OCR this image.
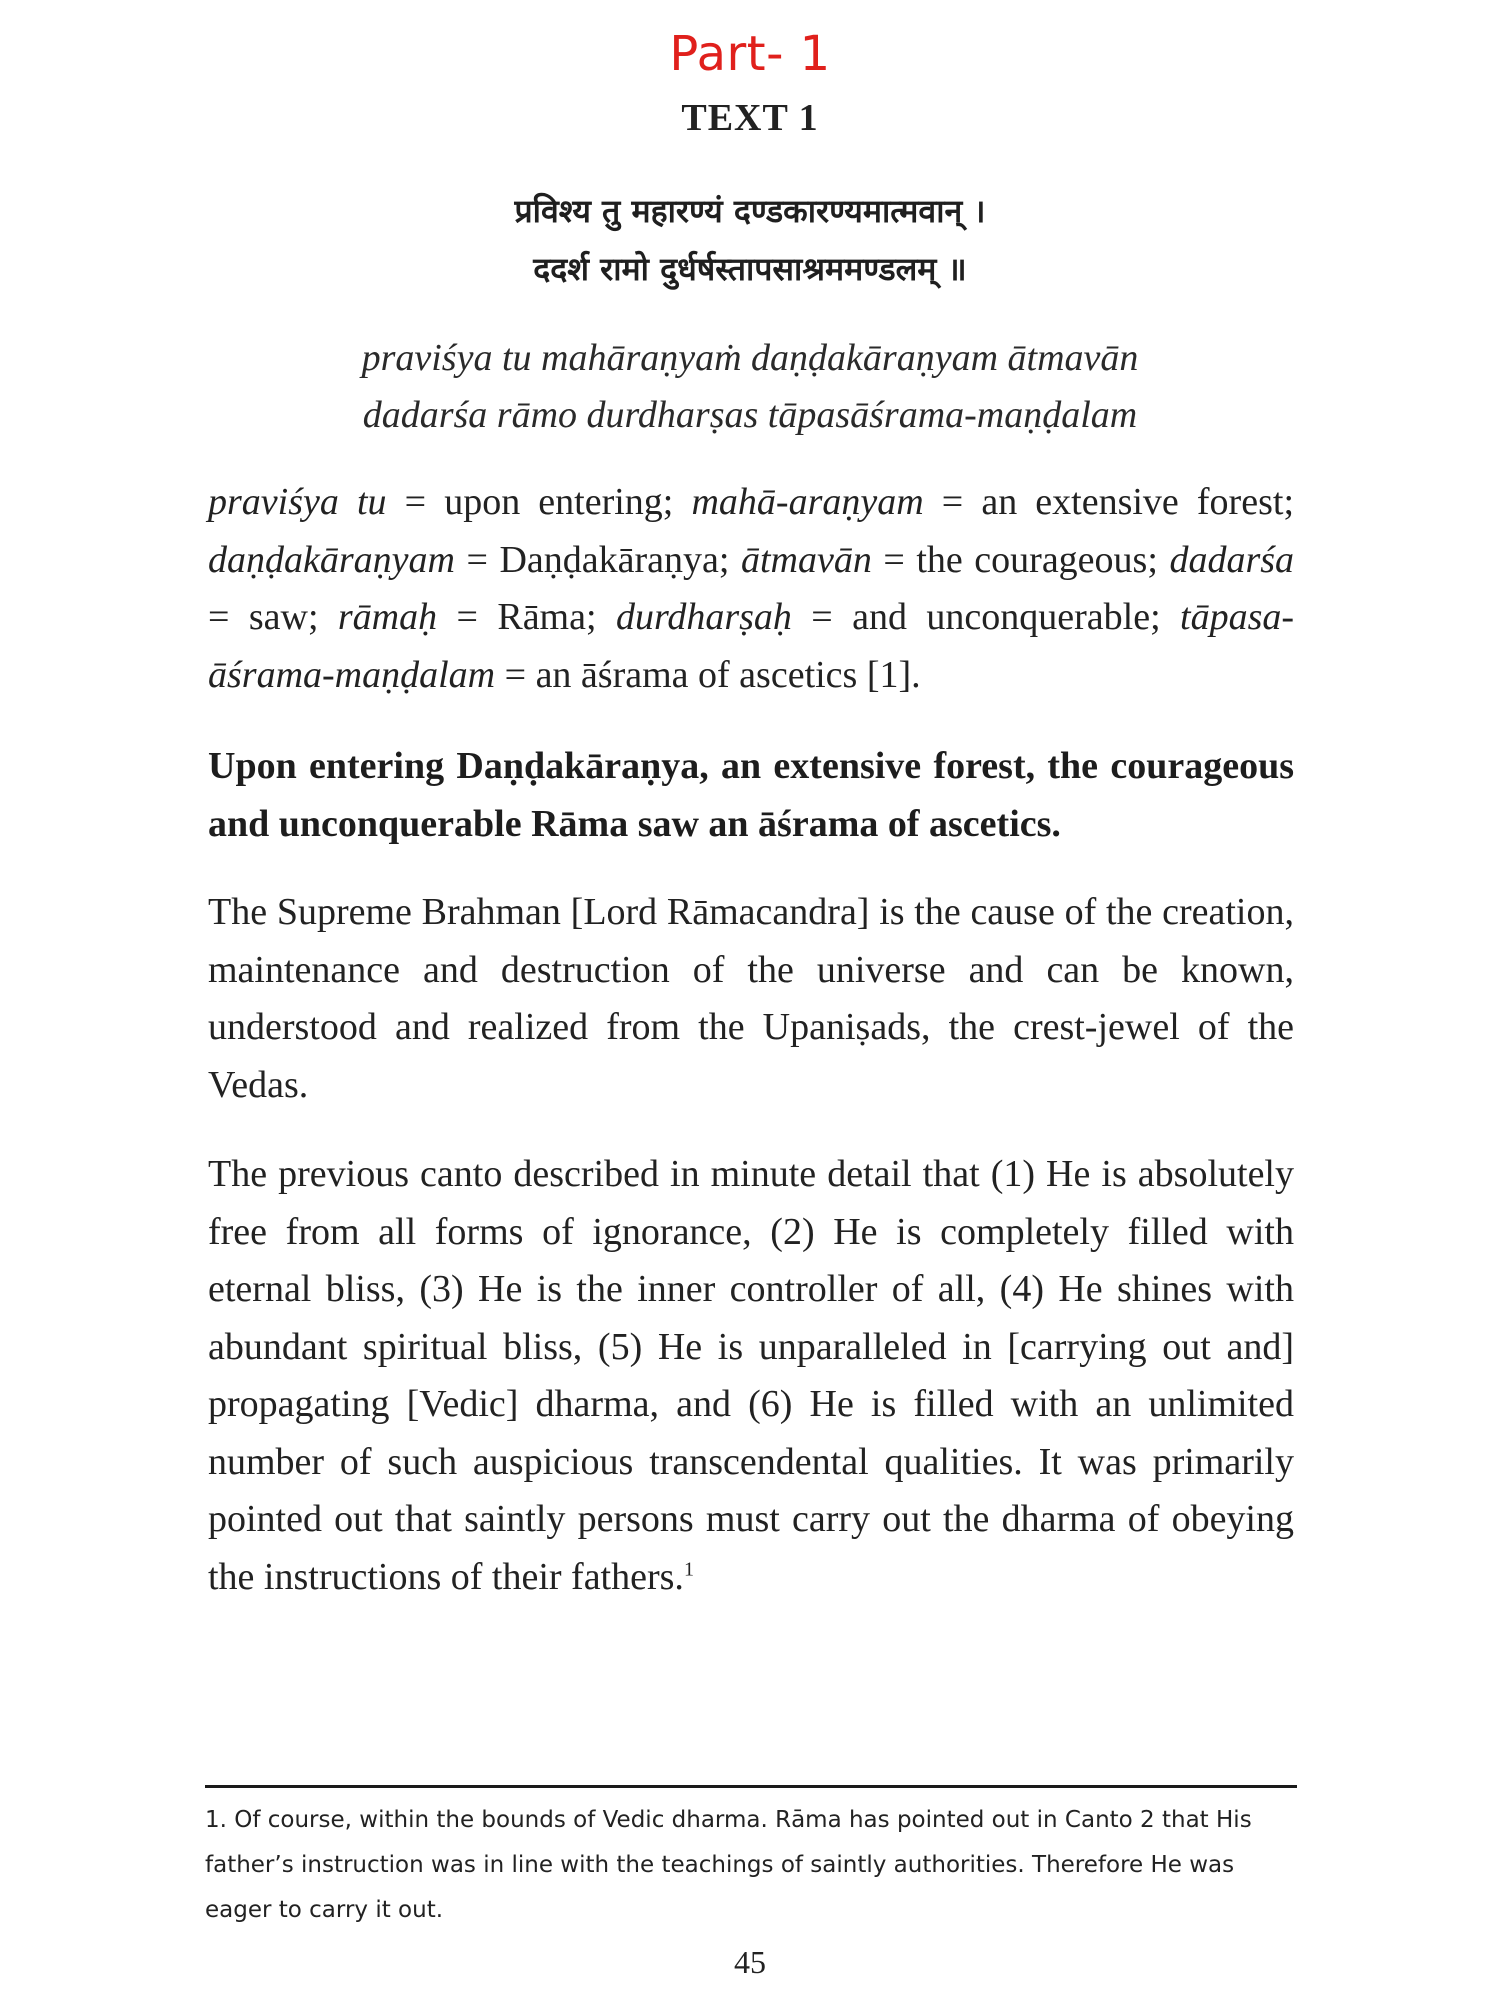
Part- 1
TEXT 1
प्रविश्य तु महारण्यं दण्डकारण्यमात्मवान् ।
ददर्श रामो दुर्धर्षस्तापसाश्रममण्डलम् ॥
praviśya tu mahāraṇyaṁ daṇḍakāraṇyam ātmavān
dadarśa rāmo durdharṣas tāpasāśrama-maṇḍalam
praviśya tu = upon entering; mahā-araṇyam = an extensive forest; daṇḍakāraṇyam = Daṇḍakāraṇya; ātmavān = the courageous; dadarśa = saw; rāmaḥ = Rāma; durdharṣaḥ = and unconquerable; tāpasa-āśrama-maṇḍalam = an āśrama of ascetics [1].
Upon entering Daṇḍakāraṇya, an extensive forest, the courageous and unconquerable Rāma saw an āśrama of ascetics.
The Supreme Brahman [Lord Rāmacandra] is the cause of the creation, maintenance and destruction of the universe and can be known, understood and realized from the Upaniṣads, the crest-jewel of the Vedas.
The previous canto described in minute detail that (1) He is absolutely free from all forms of ignorance, (2) He is completely filled with eternal bliss, (3) He is the inner controller of all, (4) He shines with abundant spiritual bliss, (5) He is unparalleled in [carrying out and] propagating [Vedic] dharma, and (6) He is filled with an unlimited number of such auspicious transcendental qualities. It was primarily pointed out that saintly persons must carry out the dharma of obeying the instructions of their fathers.$^1$
1. Of course, within the bounds of Vedic dharma. Rāma has pointed out in Canto 2 that His father’s instruction was in line with the teachings of saintly authorities. Therefore He was eager to carry it out.
45
